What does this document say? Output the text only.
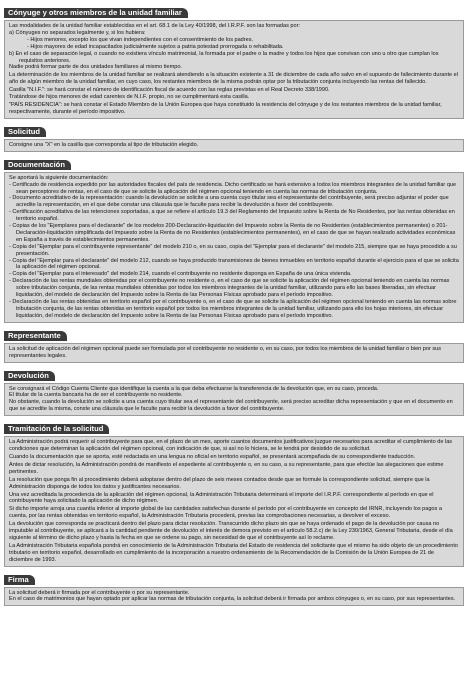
Cónyuge y otros miembros de la unidad familiar

Las modalidades de la unidad familiar establecidas en el art. 68.1 de la Ley 40/1998, del I.R.P.F. son las formadas por:

a) Cónyuges no separados legalmente y, si los hubiera:

- Hijos menores, excepto los que vivan independientes con el consentimiento de los padres.

- Hijos mayores de edad incapacitados judicialmente sujetos a patria potestad prorrogada o rehabilitada.

b) En el caso de separación legal, o cuando no existiera vínculo matrimonial, la formada por el padre o la madre y todos los hijos que convivan con uno u otro que cumplan los requisitos anteriores.

Nadie podrá formar parte de dos unidades familiares al mismo tiempo.

La determinación de los miembros de la unidad familiar se realizará atendiendo a la situación existente a 31 de diciembre de cada año salvo en el supuesto de fallecimiento durante el año de algún miembro de la unidad familiar, en cuyo caso, los restantes miembros de la misma podrán optar por la tributación conjunta incluyendo las rentas del fallecido.

Casilla "N.I.F.": se hará constar el número de identificación fiscal de acuerdo con las reglas previstas en el Real Decreto 338/1990.

Tratándose de hijos menores de edad carentes de N.I.F. propio, no se cumplimentará esta casilla.

"PAÍS RESIDENCIA": se hará constar el Estado Miembro de la Unión Europea que haya constituido la residencia del cónyuge y de los restantes miembros de la unidad familiar, respectivamente, durante el período impositivo.

Solicitud

Consigne una "X" en la casilla que corresponda al tipo de tributación elegido.

Documentación

Se aportará la siguiente documentación:

- Certificado de residencia expedido por las autoridades fiscales del país de residencia. Dicho certificado se hará extensivo a todos los miembros integrantes de la unidad familiar que sean perceptores de rentas, en el caso de que se solicite la aplicación del régimen opcional teniendo en cuenta las normas de tributación conjunta.

- Documento acreditativo de la representación: cuando la devolución se solicite a una cuenta cuyo titular sea el representante del contribuyente, será preciso adjuntar el poder que acredite la representación, en el que debe constar una cláusula que le faculte para recibir la devolución a favor del contribuyente.

- Certificación acreditativa de las retenciones soportadas, a que se refiere el artículo 19.3 del Reglamento del Impuesto sobre la Renta de No Residentes, por las rentas obtenidas en territorio español.

- Copias de los "Ejemplares para el declarante" de los modelos 200-Declaración-liquidación del Impuesto sobre la Renta de no Residentes (establecimientos permanentes) o 201-Declaración-liquidación simplificada del Impuesto sobre la Renta de no Residentes (establecimientos permanentes), en el caso de que se hayan realizado actividades económicas en España a través de establecimientos permanentes.

- Copia del "Ejemplar para el contribuyente representante" del modelo 210 o, en su caso, copia del "Ejemplar para el declarante" del modelo 215, siempre que se haya procedido a su presentación.

- Copia del "Ejemplar para el declarante" del modelo 212, cuando se haya producido transmisiones de bienes inmuebles en territorio español durante el ejercicio para el que se solicita la aplicación del régimen opcional.

- Copia del "Ejemplar para el interesado" del modelo 214, cuando el contribuyente no residente disponga en España de una única vivienda.

- Declaración de las rentas mundiales obtenidas por el contribuyente no residente o, en el caso de que se solicite la aplicación del régimen opcional teniendo en cuenta las normas sobre tributación conjunta, de las rentas mundiales obtenidas por todos los miembros integrantes de la unidad familiar, utilizando para ello las bases liberadas, sin efectuar liquidación, del modelo de declaración del Impuesto sobre la Renta de las Personas Físicas aprobado para el período impositivo.

- Declaración de las rentas obtenidas en territorio español por el contribuyente o, en el caso de que se solicite la aplicación del régimen opcional teniendo en cuenta las normas sobre tributación conjunta, de las rentas obtenidas en territorio español por todos los miembros integrantes de la unidad familiar, utilizando para ello los hojas interiores, sin efectuar liquidación, del modelo de declaración del Impuesto sobre la Renta de las Personas Físicas aprobado para el período impositivo.

Representante

La solicitud de aplicación del régimen opcional puede ser formulada por el contribuyente no residente o, en su caso, por todos los miembros de la unidad familiar o bien por sus representantes legales.

Devolución

Se consignará el Código Cuenta Cliente que identifique la cuenta a la que deba efectuarse la transferencia de la devolución que, en su caso, proceda.

El titular de la cuenta bancaria ha de ser el contribuyente no residente.

No obstante, cuando la devolución se solicite a una cuenta cuyo titular sea el representante del contribuyente, será preciso acreditar dicha representación y que en el documento en que se acredite la misma, conste una cláusula que le faculte para recibir la devolución a favor del contribuyente.

Tramitación de la solicitud

La Administración podrá requerir al contribuyente para que, en el plazo de un mes, aporte cuantos documentos justificativos juzgue necesarios para acreditar el cumplimiento de las condiciones que determinan la aplicación del régimen opcional, con indicación de que, si así no lo hiciera, se le tendrá por desistido de su solicitud.

Cuando la documentación que se aporta, esté redactada en una lengua no oficial en territorio español, se presentará acompañada de su correspondiente traducción.

Antes de dictar resolución, la Administración pondrá de manifiesto el expediente al contribuyente o, en su caso, a su representante, para que efectúe las alegaciones que estime pertinentes.

La resolución que ponga fin al procedimiento deberá adoptarse dentro del plazo de seis meses contados desde que se formule la correspondiente solicitud, siempre que la Administración disponga de todos los datos y justificantes necesarios.

Una vez acreditada la procedencia de la aplicación del régimen opcional, la Administración Tributaria determinará el importe del I.R.P.F. correspondiente al período en que el contribuyente haya solicitado la aplicación de dicho régimen.

Si dicho importe arroja una cuantía inferior al importe global de las cantidades satisfechas durante el período por el contribuyente en concepto del IRNR, incluyendo los pagos a cuenta, por las rentas obtenidas en territorio español, la Administración Tributaria procederá, previas las comprobaciones necesarias, a devolver el exceso.

La devolución que corresponda se practicará dentro del plazo para dictar resolución. Transcurrido dicho plazo sin que se haya ordenado el pago de la devolución por causa no imputable al contribuyente, se aplicará a la cantidad pendiente de devolución el interés de demora previsto en el artículo 58.2.c) de la Ley 230/1963, General Tributaria, desde el día siguiente al término de dicho plazo y hasta la fecha en que se ordene su pago, sin necesidad de que el contribuyente así lo reclame.

La Administración Tributaria española pondrá en conocimiento de la Administración Tributaria del Estado de residencia del solicitante que el mismo ha sido objeto de un procedimiento tributario en territorio español, desarrollado en cumplimiento de la incorporación a nuestro ordenamiento de la Recomendación de la Comisión de la Unión Europea de 21 de diciembre de 1993.

Firma

La solicitud deberá ir firmada por el contribuyente o por su representante.

En el caso de matrimonios que hayan optado por aplicar las normas de tributación conjunta, la solicitud deberá ir firmada por ambos cónyuges o, en su caso, por sus representantes.
